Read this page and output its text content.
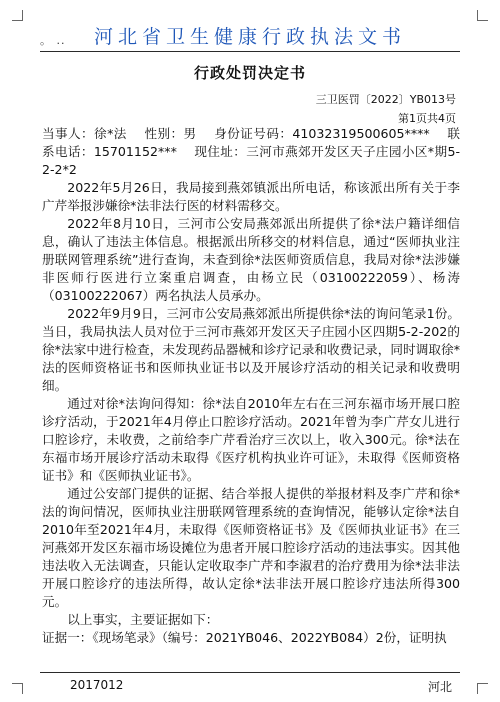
。 ..	河北省卫生健康行政执法文书
行政处罚决定书
三卫医罚〔2022〕YB013号
第1页共4页

当事人：徐*法    性别：男    身份证号码：41032319500605****    联系电话：15701152***    现住址：三河市燕郊开发区天子庄园小区*期5-2-2*2

2022年5月26日，我局接到燕郊镇派出所电话，称该派出所有关于李广芹举报涉嫌徐*法非法行医的材料需移交。

2022年8月10日，三河市公安局燕郊派出所提供了徐*法户籍详细信息，确认了违法主体信息。根据派出所移交的材料信息，通过“医师执业注册联网管理系统”进行查询，未查到徐*法医师资质信息，我局对徐*法涉嫌非医师行医进行立案重启调查，由杨立民（03100222059）、杨涛（03100222067）两名执法人员承办。

2022年9月9日，三河市公安局燕郊派出所提供徐*法的询问笔录1份。当日，我局执法人员对位于三河市燕郊开发区天子庄园小区四期5-2-202的徐*法家中进行检查，未发现药品器械和诊疗记录和收费记录，同时调取徐*法的医师资格证书和医师执业证书以及开展诊疗活动的相关记录和收费明细。

通过对徐*法询问得知：徐*法自2010年左右在三河东福市场开展口腔诊疗活动，于2021年4月停止口腔诊疗活动。2021年曾为李广芹女儿进行口腔诊疗，未收费，之前给李广芹看治疗三次以上，收入300元。徐*法在东福市场开展诊疗活动未取得《医疗机构执业许可证》，未取得《医师资格证书》和《医师执业证书》。

通过公安部门提供的证据、结合举报人提供的举报材料及李广芹和徐*法的询问情况，医师执业注册联网管理系统的查询情况，能够认定徐*法自2010年至2021年4月，未取得《医师资格证书》及《医师执业证书》在三河燕郊开发区东福市场设摊位为患者开展口腔诊疗活动的违法事实。因其他违法收入无法调查，只能认定收取李广芹和李淑君的治疗费用为徐*法非法开展口腔诊疗的违法所得，故认定徐*法非法开展口腔诊疗违法所得300元。

以上事实，主要证据如下：

证据一：《现场笔录》（编号：2021YB046、2022YB084）2份，证明执

2017012	河北
